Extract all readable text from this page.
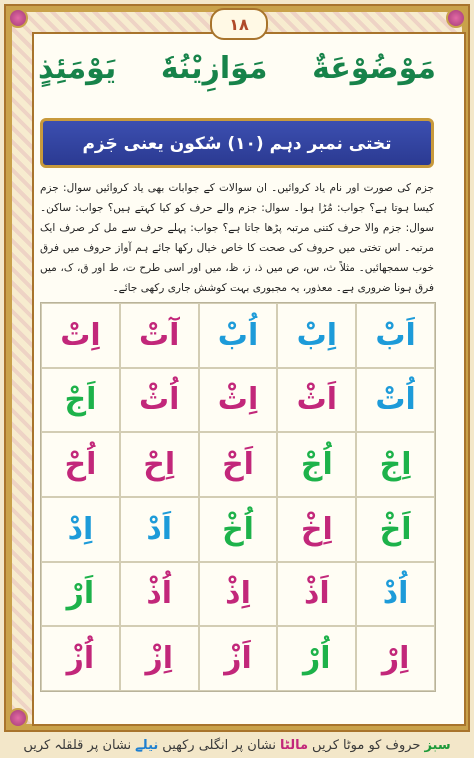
۱۸
مَوْضُوْعَةٌ
مَوَازِيْنُهٗ
يَوْمَئِذٍ
تختی نمبر دہم (۱۰) سُکون یعنی جَزم
جزم کی صورت اور نام یاد کروائیں۔ ان سوالات کے جوابات بھی یاد کروائیں سوال: جزم کیسا ہوتا ہے؟ جواب: مُڑا ہوا۔ سوال: جزم والے حرف کو کیا کہتے ہیں؟ جواب: ساکن۔ سوال: جزم والا حرف کتنی مرتبہ پڑھا جاتا ہے؟ جواب: پہلے حرف سے مل کر صرف ایک مرتبہ۔ اس تختی میں حروف کی صحت کا خاص خیال رکھا جائے ہم آواز حروف میں فرق خوب سمجھائیں۔ مثلاً ث، س، ص میں ذ، ز، ظ، میں اور اسی طرح ت، ط اور ق، ک، میں فرق ہونا ضروری ہے۔ معذور، یہ مجبوری بہت کوشش جاری رکھی جائے۔
اَبْ
اِبْ
اُبْ
آتْ
اِتْ
اُتْ
اَثْ
اِثْ
اُثْ
اَجْ
اِجْ
اُجْ
اَحْ
اِحْ
اُحْ
اَخْ
اِخْ
اُخْ
اَدْ
اِدْ
اُدْ
اَذْ
اِذْ
اُذْ
اَرْ
اِرْ
اُرْ
اَزْ
اِزْ
اُزْ
سبز
حروف کو موٹا کریں
مالٹا
نشان پر انگلی رکھیں
نیلے
نشان پر قلقلہ کریں
